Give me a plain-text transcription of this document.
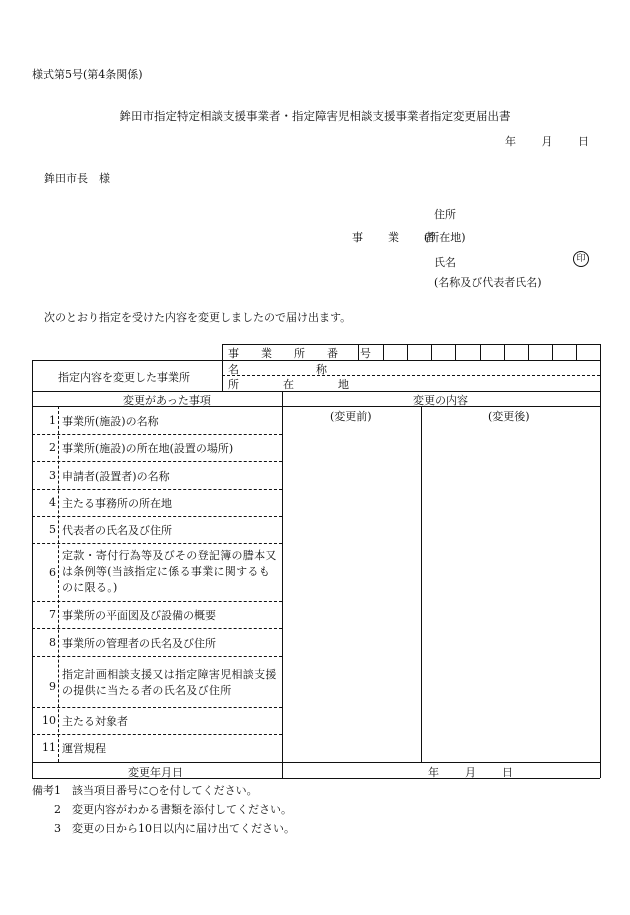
様式第5号(第4条関係)
鉾田市指定特定相談支援事業者・指定障害児相談支援事業者指定変更届出書
年 月 日
鉾田市長　様
住所
事　　業　　者
(所在地)
氏名	印
(名称及び代表者氏名)
次のとおり指定を受けた内容を変更しましたので届け出ます。
事　　業　　所　　番　　号
指定内容を変更した事業所
名　　　　　　　称
所　　　　在　　　　地
変更があった事項	変更の内容
(変更前)	(変更後)
1 事業所(施設)の名称
2 事業所(施設)の所在地(設置の場所)
3 申請者(設置者)の名称
4 主たる事務所の所在地
5 代表者の氏名及び住所
6
定款・寄付行為等及びその登記簿の謄本又は条例等(当該指定に係る事業に関するものに限る。)
7 事業所の平面図及び設備の概要
8 事業所の管理者の氏名及び住所
9
指定計画相談支援又は指定障害児相談支援の提供に当たる者の氏名及び住所
10 主たる対象者
11 運営規程
変更年月日	年 月 日
備考1　該当項目番号に○を付してください。
2　変更内容がわかる書類を添付してください。
3　変更の日から10日以内に届け出てください。
